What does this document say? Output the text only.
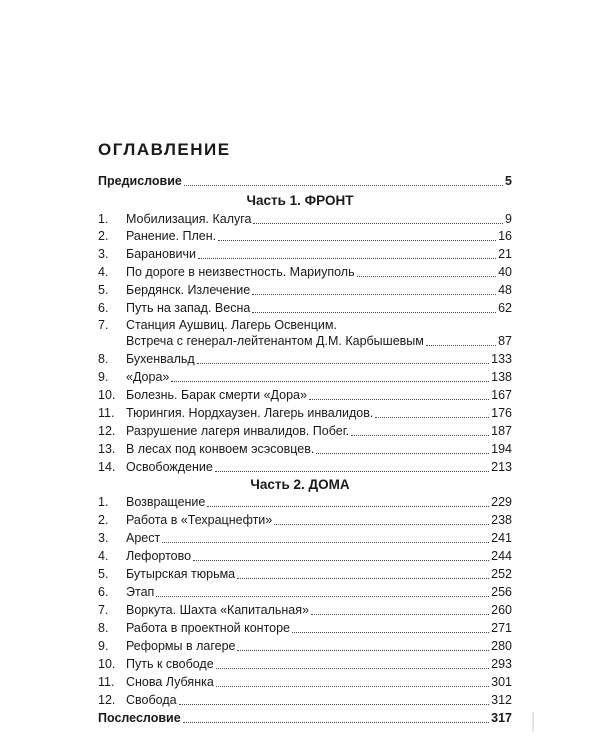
ОГЛАВЛЕНИЕ
Предисловие	5
Часть 1. ФРОНТ
1.	Мобилизация. Калуга	9
2.	Ранение. Плен.	16
3.	Барановичи	21
4.	По дороге в неизвестность. Мариуполь	40
5.	Бердянск. Излечение	48
6.	Путь на запад. Весна	62
7. Станция Аушвиц. Лагерь Освенцим.
Встреча с генерал-лейтенантом Д.М. Карбышевым	87
8.	Бухенвальд	133
9.	«Дора»	138
10. Болезнь. Барак смерти «Дора»	167
11. Тюрингия. Нордхаузен. Лагерь инвалидов.	176
12. Разрушение лагеря инвалидов. Побег.	187
13. В лесах под конвоем эсэсовцев.	194
14. Освобождение	213
Часть 2. ДОМА
1.	Возвращение	229
2.	Работа в «Техрацнефти»	238
3.	Арест	241
4.	Лефортово	244
5.	Бутырская тюрьма	252
6.	Этап	256
7.	Воркута. Шахта «Капитальная»	260
8.	Работа в проектной конторе	271
9.	Реформы в лагере	280
10. Путь к свободе	293
11. Снова Лубянка	301
12. Свобода	312
Послесловие	317
